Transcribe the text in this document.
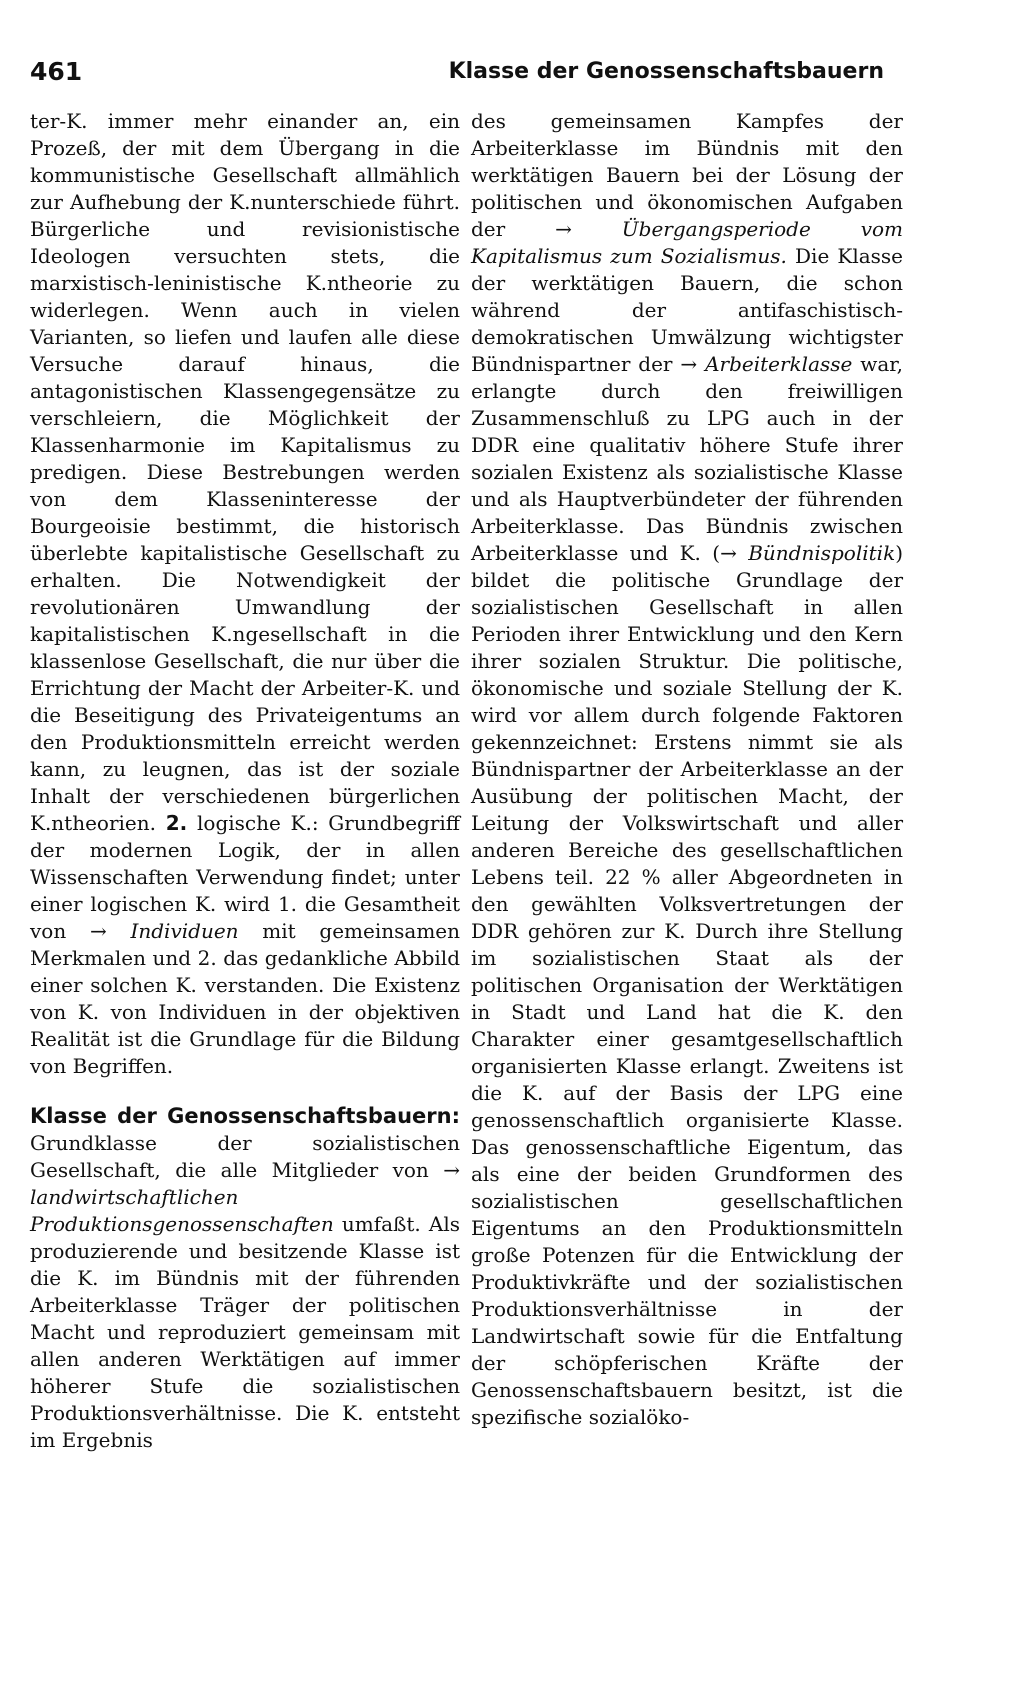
461	Klasse der Genossenschaftsbauern

ter-K. immer mehr einander an, ein Prozeß, der mit dem Übergang in die kommunistische Gesellschaft allmählich zur Aufhebung der K.nunterschiede führt. Bürgerliche und revisionistische Ideologen versuchten stets, die marxistisch-leninistische K.ntheorie zu widerlegen. Wenn auch in vielen Varianten, so liefen und laufen alle diese Versuche darauf hinaus, die antagonistischen Klassengegensätze zu verschleiern, die Möglichkeit der Klassenharmonie im Kapitalismus zu predigen. Diese Bestrebungen werden von dem Klasseninteresse der Bourgeoisie bestimmt, die historisch überlebte kapitalistische Gesellschaft zu erhalten. Die Notwendigkeit der revolutionären Umwandlung der kapitalistischen K.ngesellschaft in die klassenlose Gesellschaft, die nur über die Errichtung der Macht der Arbeiter-K. und die Beseitigung des Privateigentums an den Produktionsmitteln erreicht werden kann, zu leugnen, das ist der soziale Inhalt der verschiedenen bürgerlichen K.ntheorien. 2. logische K.: Grundbegriff der modernen Logik, der in allen Wissenschaften Verwendung findet; unter einer logischen K. wird 1. die Gesamtheit von → Individuen mit gemeinsamen Merkmalen und 2. das gedankliche Abbild einer solchen K. verstanden. Die Existenz von K. von Individuen in der objektiven Realität ist die Grundlage für die Bildung von Begriffen.

Klasse der Genossenschaftsbauern: Grundklasse der sozialistischen Gesellschaft, die alle Mitglieder von → landwirtschaftlichen Produktionsgenossenschaften umfaßt. Als produzierende und besitzende Klasse ist die K. im Bündnis mit der führenden Arbeiterklasse Träger der politischen Macht und reproduziert gemeinsam mit allen anderen Werktätigen auf immer höherer Stufe die sozialistischen Produktionsverhältnisse. Die K. entsteht im Ergebnis

des gemeinsamen Kampfes der Arbeiterklasse im Bündnis mit den werktätigen Bauern bei der Lösung der politischen und ökonomischen Aufgaben der → Übergangsperiode vom Kapitalismus zum Sozialismus. Die Klasse der werktätigen Bauern, die schon während der antifaschistisch-demokratischen Umwälzung wichtigster Bündnispartner der → Arbeiterklasse war, erlangte durch den freiwilligen Zusammenschluß zu LPG auch in der DDR eine qualitativ höhere Stufe ihrer sozialen Existenz als sozialistische Klasse und als Hauptverbündeter der führenden Arbeiterklasse. Das Bündnis zwischen Arbeiterklasse und K. (→ Bündnispolitik) bildet die politische Grundlage der sozialistischen Gesellschaft in allen Perioden ihrer Entwicklung und den Kern ihrer sozialen Struktur. Die politische, ökonomische und soziale Stellung der K. wird vor allem durch folgende Faktoren gekennzeichnet: Erstens nimmt sie als Bündnispartner der Arbeiterklasse an der Ausübung der politischen Macht, der Leitung der Volkswirtschaft und aller anderen Bereiche des gesellschaftlichen Lebens teil. 22 % aller Abgeordneten in den gewählten Volksvertretungen der DDR gehören zur K. Durch ihre Stellung im sozialistischen Staat als der politischen Organisation der Werktätigen in Stadt und Land hat die K. den Charakter einer gesamtgesellschaftlich organisierten Klasse erlangt. Zweitens ist die K. auf der Basis der LPG eine genossenschaftlich organisierte Klasse. Das genossenschaftliche Eigentum, das als eine der beiden Grundformen des sozialistischen gesellschaftlichen Eigentums an den Produktionsmitteln große Potenzen für die Entwicklung der Produktivkräfte und der sozialistischen Produktionsverhältnisse in der Landwirtschaft sowie für die Entfaltung der schöpferischen Kräfte der Genossenschaftsbauern besitzt, ist die spezifische sozialöko-
